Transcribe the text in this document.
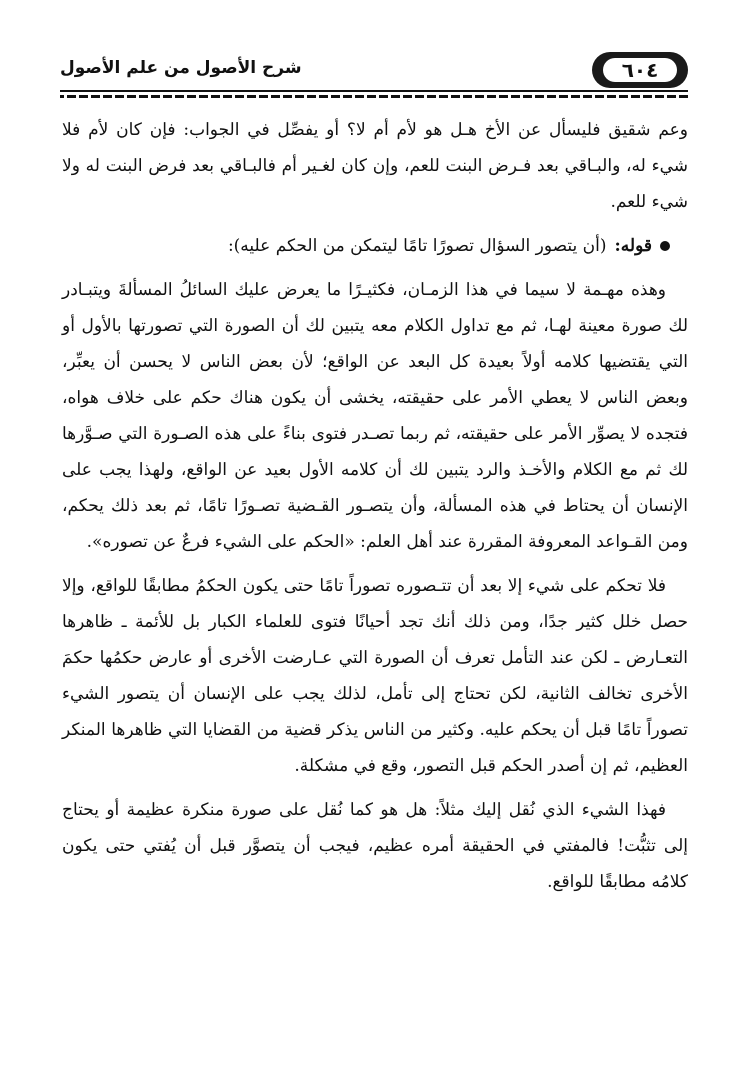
٦٠٤
شرح الأصول من علم الأصول

وعم شقيق فليسأل عن الأخ هـل هو لأم أم لا؟ أو يفصِّل في الجواب: فإن كان لأم فلا شيء له، والبـاقي بعد فـرض البنت للعم، وإن كان لغـير أم فالبـاقي بعد فرض البنت له ولا شيء للعم.

قوله:
(أن يتصور السؤال تصورًا تامًا ليتمكن من الحكم عليه):

وهذه مهـمة لا سيما في هذا الزمـان، فكثيـرًا ما يعرض عليك السائلُ المسألةَ ويتبـادر لك صورة معينة لهـا، ثم مع تداول الكلام معه يتبين لك أن الصورة التي تصورتها بالأول أو التي يقتضيها كلامه أولاً بعيدة كل البعد عن الواقع؛ لأن بعض الناس لا يحسن أن يعبِّر، وبعض الناس لا يعطي الأمر على حقيقته، يخشى أن يكون هناك حكم على خلاف هواه، فتجده لا يصوِّر الأمر على حقيقته، ثم ربما تصـدر فتوى بناءً على هذه الصـورة التي صـوَّرها لك ثم مع الكلام والأخـذ والرد يتبين لك أن كلامه الأول بعيد عن الواقع، ولهذا يجب على الإنسان أن يحتاط في هذه المسألة، وأن يتصـور القـضية تصـورًا تامًا، ثم بعد ذلك يحكم، ومن القـواعد المعروفة المقررة عند أهل العلم: «الحكم على الشيء فرعٌ عن تصوره».

فلا تحكم على شيء إلا بعد أن تتـصوره تصوراً تامًا حتى يكون الحكمُ مطابقًا للواقع، وإلا حصل خلل كثير جدًا، ومن ذلك أنك تجد أحيانًا فتوى للعلماء الكبار بل للأئمة ـ ظاهرها التعـارض ـ لكن عند التأمل تعرف أن الصورة التي عـارضت الأخرى أو عارض حكمُها حكمَ الأخرى تخالف الثانية، لكن تحتاج إلى تأمل، لذلك يجب على الإنسان أن يتصور الشيء تصوراً تامًا قبل أن يحكم عليه. وكثير من الناس يذكر قضية من القضايا التي ظاهرها المنكر العظيم، ثم إن أصدر الحكم قبل التصور، وقع في مشكلة.

فهذا الشيء الذي نُقل إليك مثلاً: هل هو كما نُقل على صورة منكرة عظيمة أو يحتاج إلى تثبُّت! فالمفتي في الحقيقة أمره عظيم، فيجب أن يتصوَّر قبل أن يُفتي حتى يكون كلامُه مطابقًا للواقع.
